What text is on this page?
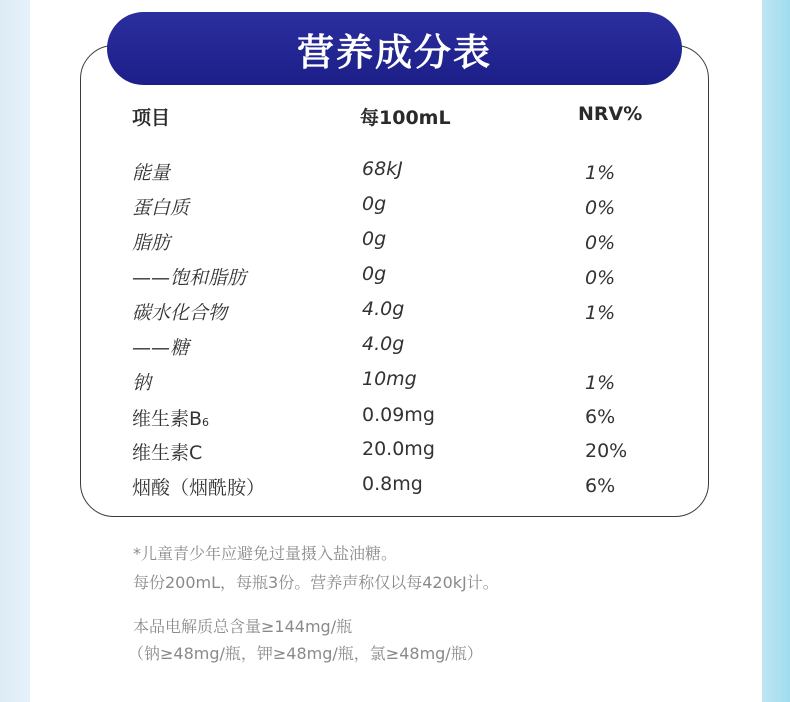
营养成分表
项目	每100mL	NRV%
能量	68kJ	1%
蛋白质	0g	0%
脂肪	0g	0%
——饱和脂肪	0g	0%
碳水化合物	4.0g	1%
——糖	4.0g
钠	10mg	1%
维生素$B_6$	0.09mg	6%
维生素C	20.0mg	20%
烟酸（烟酰胺）	0.8mg	6%
*儿童青少年应避免过量摄入盐油糖。
每份200mL，每瓶3份。营养声称仅以每420kJ计。
本品电解质总含量≥144mg/瓶
（钠≥48mg/瓶，钾≥48mg/瓶，氯≥48mg/瓶）
